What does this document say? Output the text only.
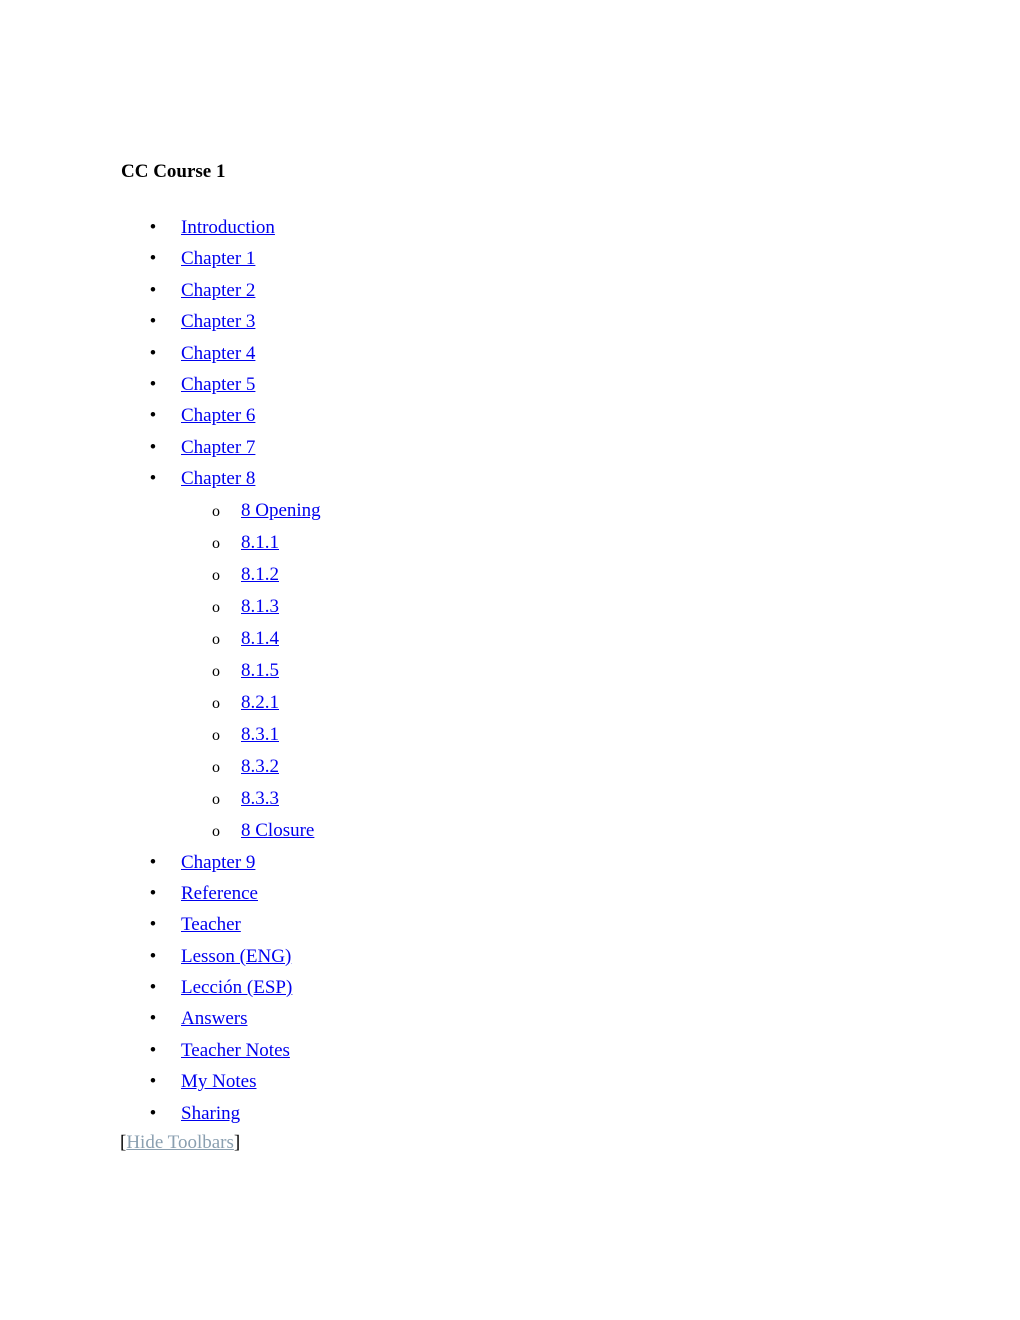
CC Course 1
• Introduction
• Chapter 1
• Chapter 2
• Chapter 3
• Chapter 4
• Chapter 5
• Chapter 6
• Chapter 7
• Chapter 8
o 8 Opening
o 8.1.1
o 8.1.2
o 8.1.3
o 8.1.4
o 8.1.5
o 8.2.1
o 8.3.1
o 8.3.2
o 8.3.3
o 8 Closure
• Chapter 9
• Reference
• Teacher
• Lesson (ENG)
• Lección (ESP)
• Answers
• Teacher Notes
• My Notes
• Sharing
[Hide Toolbars]
